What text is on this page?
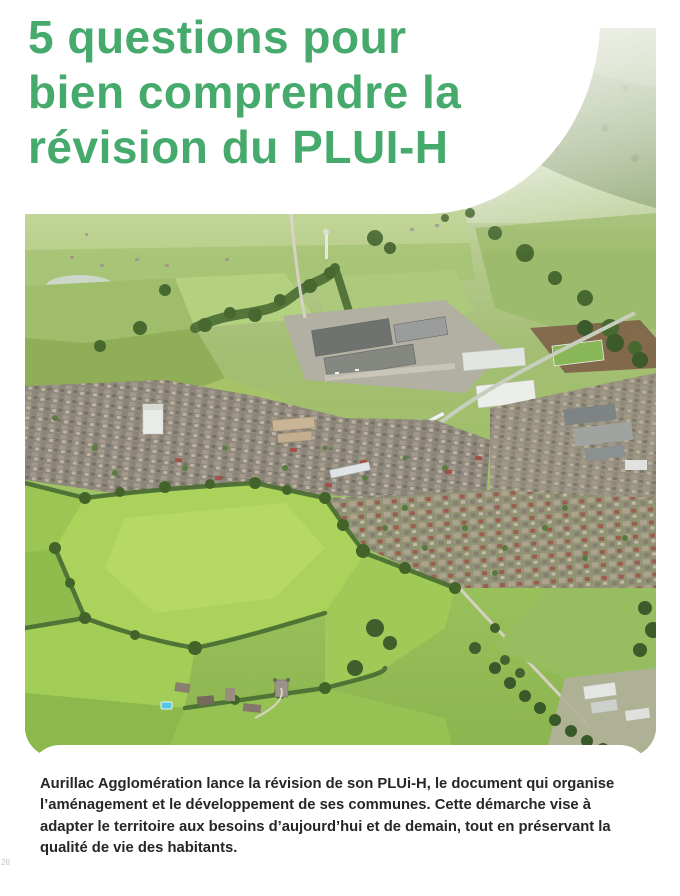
5 questions pour
bien comprendre la
révision du PLUI-H

Aurillac Agglomération lance la révision de son PLUi-H, le document qui organise l’aménagement et le développement de ses communes. Cette démarche vise à adapter le territoire aux besoins d’aujourd’hui et de demain, tout en préservant la qualité de vie des habitants.

28
